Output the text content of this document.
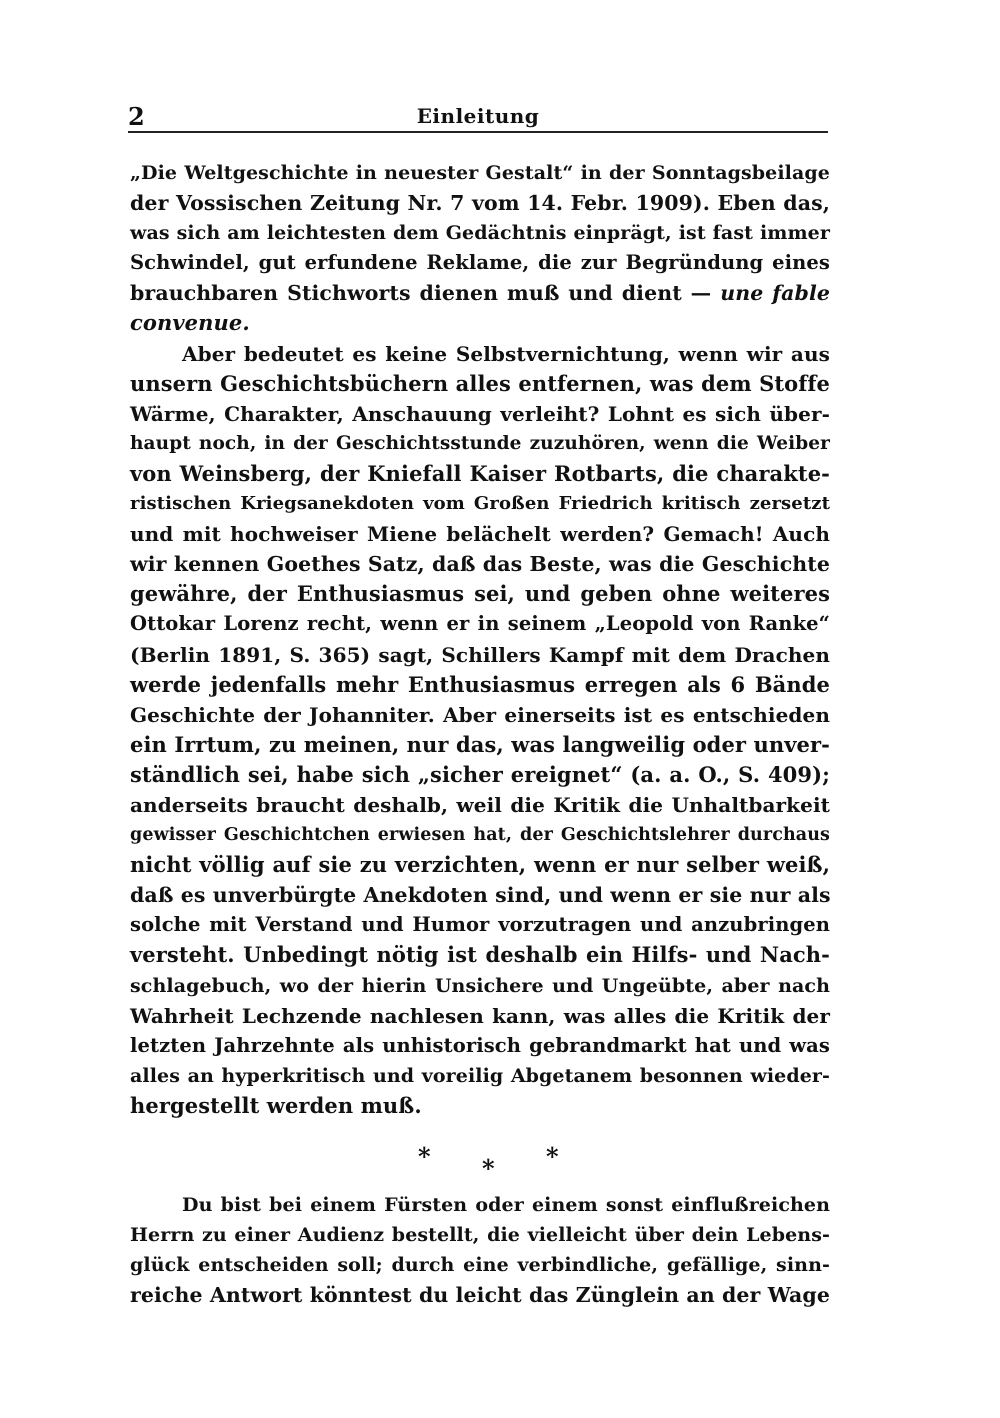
2	Einleitung
„Die Weltgeschichte in neuester Gestalt“ in der Sonntagsbeilage
der Vossischen Zeitung Nr. 7 vom 14. Febr. 1909). Eben das,
was sich am leichtesten dem Gedächtnis einprägt, ist fast immer
Schwindel, gut erfundene Reklame, die zur Begründung eines
brauchbaren Stichworts dienen muß und dient — une fable
convenue.
Aber bedeutet es keine Selbstvernichtung, wenn wir aus
unsern Geschichtsbüchern alles entfernen, was dem Stoffe
Wärme, Charakter, Anschauung verleiht? Lohnt es sich über-
haupt noch, in der Geschichtsstunde zuzuhören, wenn die Weiber
von Weinsberg, der Kniefall Kaiser Rotbarts, die charakte-
ristischen Kriegsanekdoten vom Großen Friedrich kritisch zersetzt
und mit hochweiser Miene belächelt werden? Gemach! Auch
wir kennen Goethes Satz, daß das Beste, was die Geschichte
gewähre, der Enthusiasmus sei, und geben ohne weiteres
Ottokar Lorenz recht, wenn er in seinem „Leopold von Ranke“
(Berlin 1891, S. 365) sagt, Schillers Kampf mit dem Drachen
werde jedenfalls mehr Enthusiasmus erregen als 6 Bände
Geschichte der Johanniter. Aber einerseits ist es entschieden
ein Irrtum, zu meinen, nur das, was langweilig oder unver-
ständlich sei, habe sich „sicher ereignet“ (a. a. O., S. 409);
anderseits braucht deshalb, weil die Kritik die Unhaltbarkeit
gewisser Geschichtchen erwiesen hat, der Geschichtslehrer durchaus
nicht völlig auf sie zu verzichten, wenn er nur selber weiß,
daß es unverbürgte Anekdoten sind, und wenn er sie nur als
solche mit Verstand und Humor vorzutragen und anzubringen
versteht. Unbedingt nötig ist deshalb ein Hilfs- und Nach-
schlagebuch, wo der hierin Unsichere und Ungeübte, aber nach
Wahrheit Lechzende nachlesen kann, was alles die Kritik der
letzten Jahrzehnte als unhistorisch gebrandmarkt hat und was
alles an hyperkritisch und voreilig Abgetanem besonnen wieder-
hergestellt werden muß.
* * *
Du bist bei einem Fürsten oder einem sonst einflußreichen
Herrn zu einer Audienz bestellt, die vielleicht über dein Lebens-
glück entscheiden soll; durch eine verbindliche, gefällige, sinn-
reiche Antwort könntest du leicht das Zünglein an der Wage
